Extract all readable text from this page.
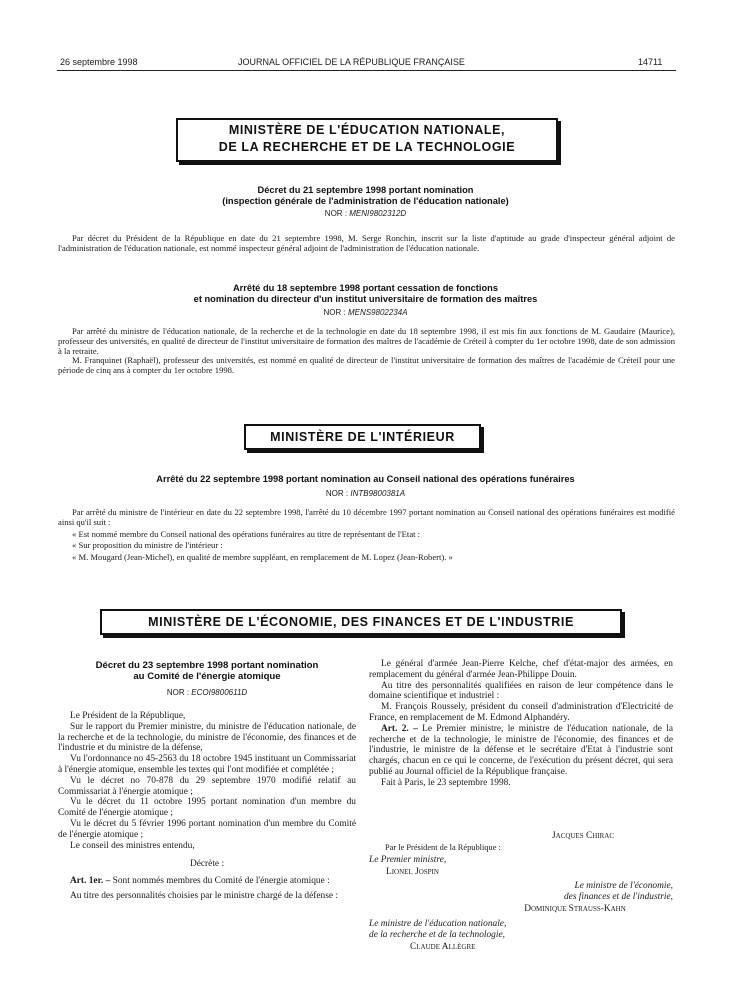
26 septembre 1998	JOURNAL OFFICIEL DE LA RÉPUBLIQUE FRANÇAISE	14711
MINISTÈRE DE L'ÉDUCATION NATIONALE,
DE LA RECHERCHE ET DE LA TECHNOLOGIE
Décret du 21 septembre 1998 portant nomination
(inspection générale de l'administration de l'éducation nationale)
NOR : MENI9802312D

Par décret du Président de la République en date du 21 septembre 1998, M. Serge Ronchin, inscrit sur la liste d'aptitude au grade d'inspecteur général adjoint de l'administration de l'éducation nationale, est nommé inspecteur général adjoint de l'administration de l'éducation nationale.

Arrêté du 18 septembre 1998 portant cessation de fonctions
et nomination du directeur d'un institut universitaire de formation des maîtres
NOR : MENS9802234A

Par arrêté du ministre de l'éducation nationale, de la recherche et de la technologie en date du 18 septembre 1998, il est mis fin aux fonctions de M. Gaudaire (Maurice), professeur des universités, en qualité de directeur de l'institut universitaire de formation des maîtres de l'académie de Créteil à compter du 1er octobre 1998, date de son admission à la retraite.

M. Franquinet (Raphaël), professeur des universités, est nommé en qualité de directeur de l'institut universitaire de formation des maîtres de l'académie de Créteil pour une période de cinq ans à compter du 1er octobre 1998.

MINISTÈRE DE L'INTÉRIEUR
Arrêté du 22 septembre 1998 portant nomination au Conseil national des opérations funéraires
NOR : INTB9800381A

Par arrêté du ministre de l'intérieur en date du 22 septembre 1998, l'arrêté du 10 décembre 1997 portant nomination au Conseil national des opérations funéraires est modifié ainsi qu'il suit :

« Est nommé membre du Conseil national des opérations funéraires au titre de représentant de l'Etat :

« Sur proposition du ministre de l'intérieur :

« M. Mougard (Jean-Michel), en qualité de membre suppléant, en remplacement de M. Lopez (Jean-Robert). »

MINISTÈRE DE L'ÉCONOMIE, DES FINANCES ET DE L'INDUSTRIE
Décret du 23 septembre 1998 portant nomination
au Comité de l'énergie atomique
NOR : ECOI9800611D

Le Président de la République,

Sur le rapport du Premier ministre, du ministre de l'éducation nationale, de la recherche et de la technologie, du ministre de l'économie, des finances et de l'industrie et du ministre de la défense,

Vu l'ordonnance no 45-2563 du 18 octobre 1945 instituant un Commissariat à l'énergie atomique, ensemble les textes qui l'ont modifiée et complétée ;

Vu le décret no 70-878 du 29 septembre 1970 modifié relatif au Commissariat à l'énergie atomique ;

Vu le décret du 11 octobre 1995 portant nomination d'un membre du Comité de l'énergie atomique ;

Vu le décret du 5 février 1996 portant nomination d'un membre du Comité de l'énergie atomique ;

Le conseil des ministres entendu,

Décrète :

Art. 1er. – Sont nommés membres du Comité de l'énergie atomique :

Au titre des personnalités choisies par le ministre chargé de la défense :

Le général d'armée Jean-Pierre Kelche, chef d'état-major des armées, en remplacement du général d'armée Jean-Philippe Douin.

Au titre des personnalités qualifiées en raison de leur compétence dans le domaine scientifique et industriel :

M. François Roussely, président du conseil d'administration d'Electricité de France, en remplacement de M. Edmond Alphandéry.

Art. 2. – Le Premier ministre, le ministre de l'éducation nationale, de la recherche et de la technologie, le ministre de l'économie, des finances et de l'industrie, le ministre de la défense et le secrétaire d'Etat à l'industrie sont chargés, chacun en ce qui le concerne, de l'exécution du présent décret, qui sera publié au Journal officiel de la République française.

Fait à Paris, le 23 septembre 1998.

Jacques Chirac
Par le Président de la République :
Le Premier ministre,
Lionel Jospin
Le ministre de l'économie,
des finances et de l'industrie,
Dominique Strauss-Kahn
Le ministre de l'éducation nationale,
de la recherche et de la technologie,
Claude Allègre
